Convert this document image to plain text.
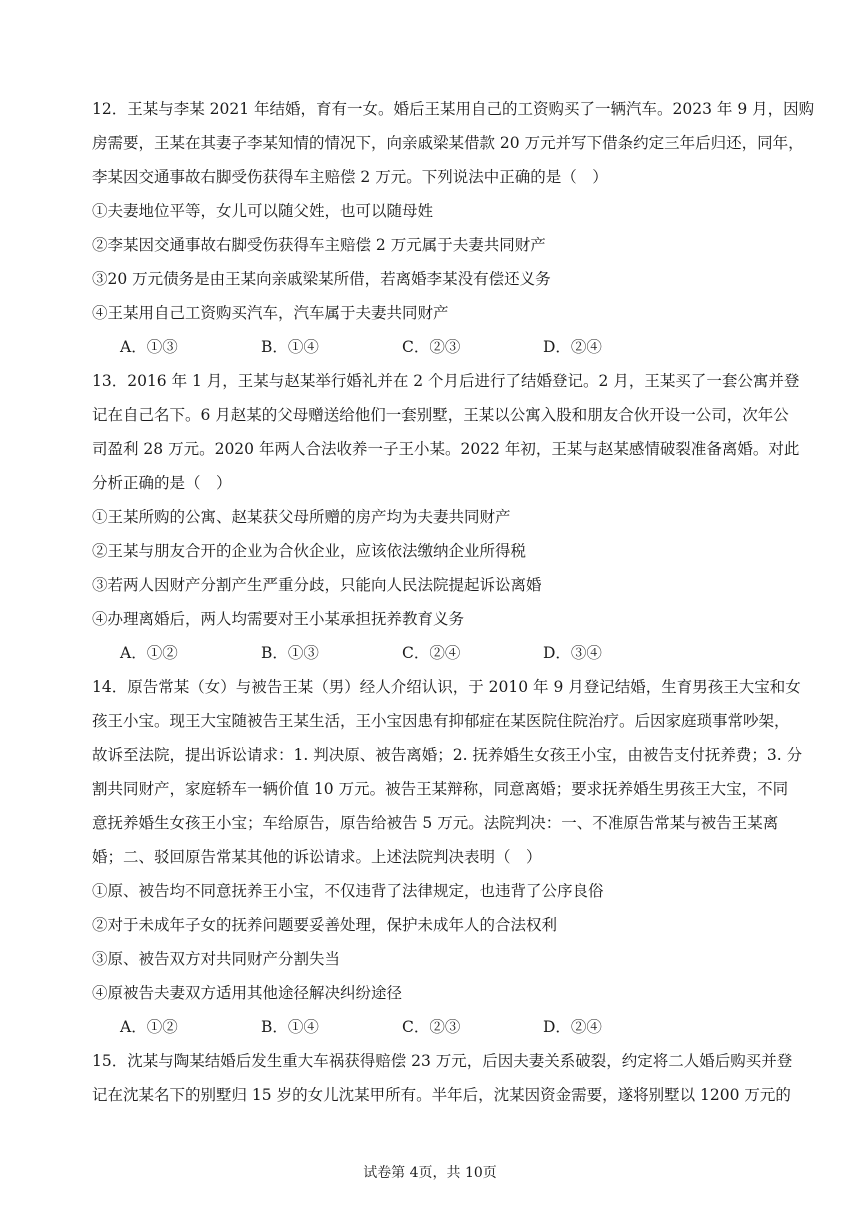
12．王某与李某 2021 年结婚，育有一女。婚后王某用自己的工资购买了一辆汽车。2023 年 9 月，因购
房需要，王某在其妻子李某知情的情况下，向亲戚梁某借款 20 万元并写下借条约定三年后归还，同年，
李某因交通事故右脚受伤获得车主赔偿 2 万元。下列说法中正确的是（　）
①夫妻地位平等，女儿可以随父姓，也可以随母姓
②李某因交通事故右脚受伤获得车主赔偿 2 万元属于夫妻共同财产
③20 万元债务是由王某向亲戚梁某所借，若离婚李某没有偿还义务
④王某用自己工资购买汽车，汽车属于夫妻共同财产
A．①③	B．①④	C．②③	D．②④
13．2016 年 1 月，王某与赵某举行婚礼并在 2 个月后进行了结婚登记。2 月，王某买了一套公寓并登
记在自己名下。6 月赵某的父母赠送给他们一套别墅，王某以公寓入股和朋友合伙开设一公司，次年公
司盈利 28 万元。2020 年两人合法收养一子王小某。2022 年初，王某与赵某感情破裂准备离婚。对此
分析正确的是（　）
①王某所购的公寓、赵某获父母所赠的房产均为夫妻共同财产
②王某与朋友合开的企业为合伙企业，应该依法缴纳企业所得税
③若两人因财产分割产生严重分歧，只能向人民法院提起诉讼离婚
④办理离婚后，两人均需要对王小某承担抚养教育义务
A．①②	B．①③	C．②④	D．③④
14．原告常某（女）与被告王某（男）经人介绍认识，于 2010 年 9 月登记结婚，生育男孩王大宝和女
孩王小宝。现王大宝随被告王某生活，王小宝因患有抑郁症在某医院住院治疗。后因家庭琐事常吵架，
故诉至法院，提出诉讼请求：1. 判决原、被告离婚；2. 抚养婚生女孩王小宝，由被告支付抚养费；3. 分
割共同财产，家庭轿车一辆价值 10 万元。被告王某辩称，同意离婚；要求抚养婚生男孩王大宝，不同
意抚养婚生女孩王小宝；车给原告，原告给被告 5 万元。法院判决：一、不准原告常某与被告王某离
婚；二、驳回原告常某其他的诉讼请求。上述法院判决表明（　）
①原、被告均不同意抚养王小宝，不仅违背了法律规定，也违背了公序良俗
②对于未成年子女的抚养问题要妥善处理，保护未成年人的合法权利
③原、被告双方对共同财产分割失当
④原被告夫妻双方适用其他途径解决纠纷途径
A．①②	B．①④	C．②③	D．②④
15．沈某与陶某结婚后发生重大车祸获得赔偿 23 万元，后因夫妻关系破裂，约定将二人婚后购买并登
记在沈某名下的别墅归 15 岁的女儿沈某甲所有。半年后，沈某因资金需要，遂将别墅以 1200 万元的
试卷第 4页，共 10页
